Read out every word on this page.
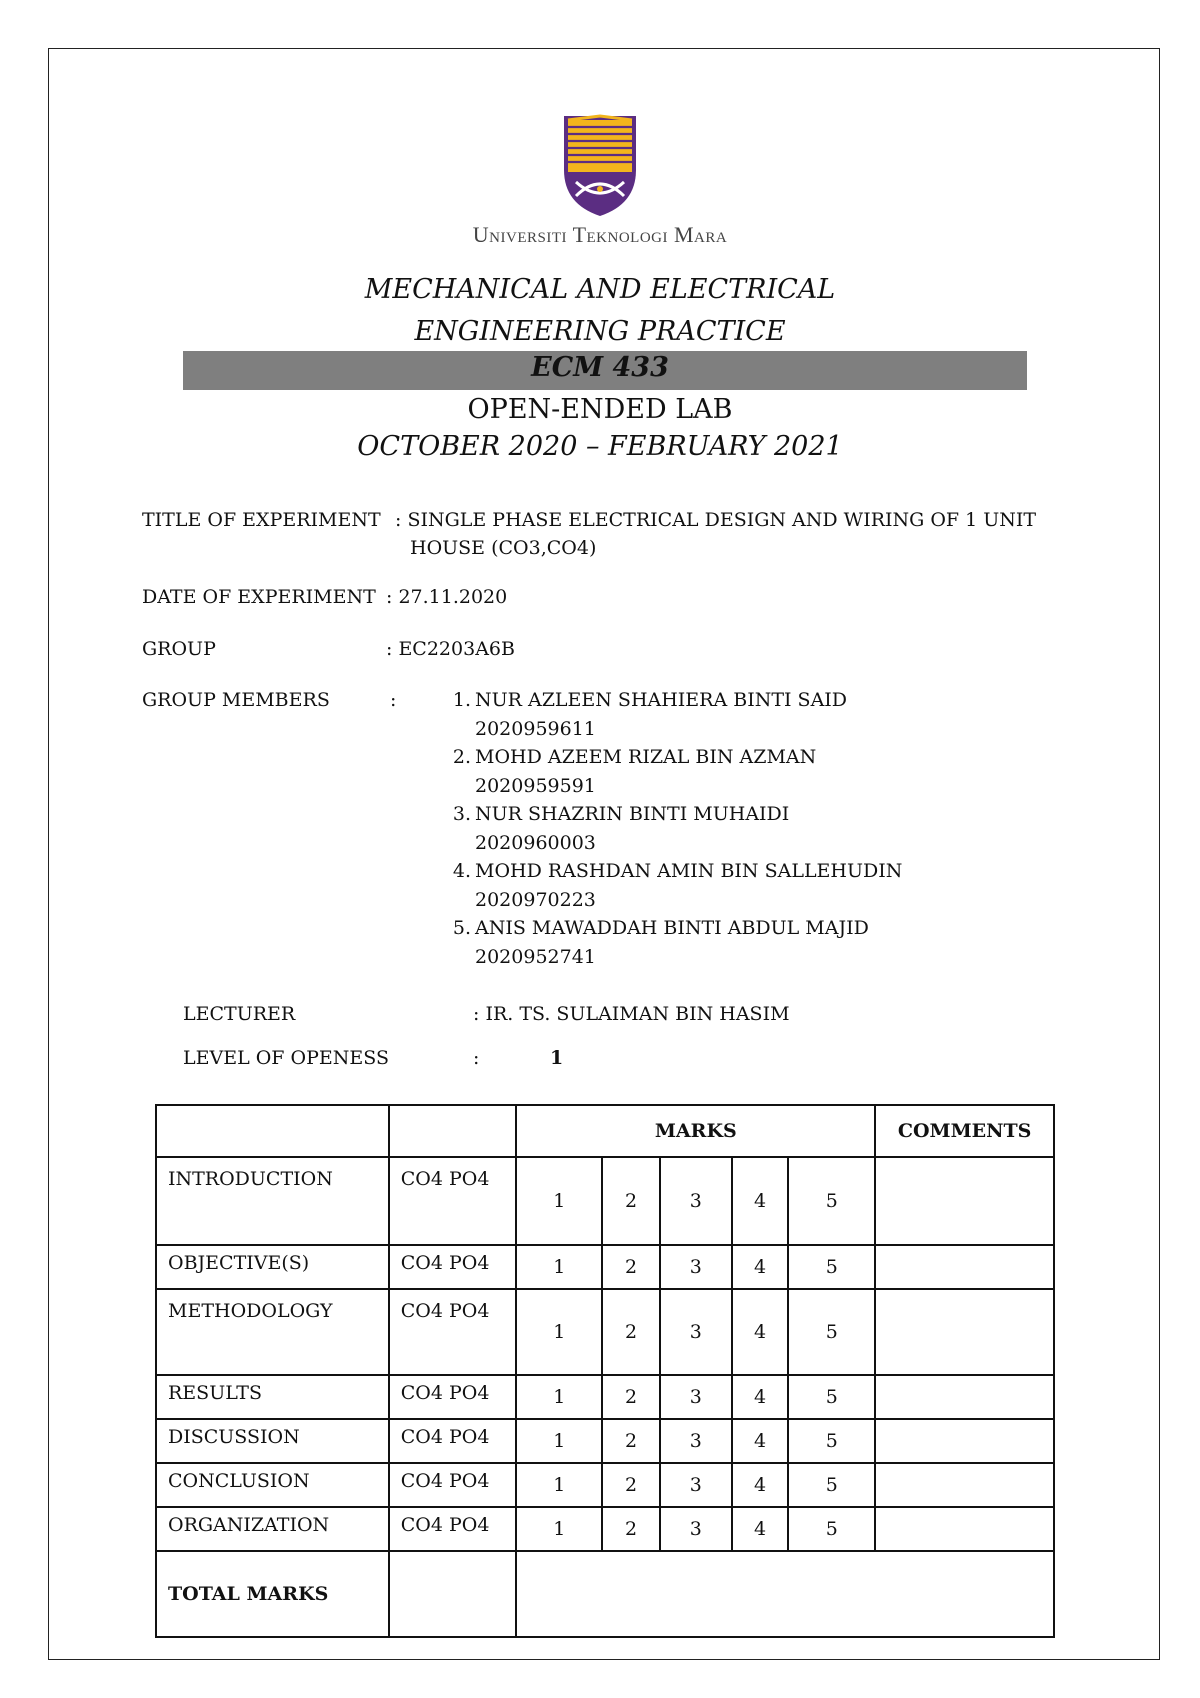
Universiti Teknologi Mara
MECHANICAL AND ELECTRICAL
ENGINEERING PRACTICE
ECM 433
OPEN-ENDED LAB
OCTOBER 2020 – FEBRUARY 2021
TITLE OF EXPERIMENT : SINGLE PHASE ELECTRICAL DESIGN AND WIRING OF 1 UNIT
HOUSE (CO3,CO4)
DATE OF EXPERIMENT : 27.11.2020
GROUP	: EC2203A6B
GROUP MEMBERS	:	1. NUR AZLEEN SHAHIERA BINTI SAID
2020959611
2. MOHD AZEEM RIZAL BIN AZMAN
2020959591
3. NUR SHAZRIN BINTI MUHAIDI
2020960003
4. MOHD RASHDAN AMIN BIN SALLEHUDIN
2020970223
5. ANIS MAWADDAH BINTI ABDUL MAJID
2020952741
LECTURER	: IR. TS. SULAIMAN BIN HASIM
LEVEL OF OPENESS	:	1
		MARKS					COMMENTS
INTRODUCTION	CO4 PO4	1	2	3	4	5	
OBJECTIVE(S)	CO4 PO4	1	2	3	4	5	
METHODOLOGY	CO4 PO4	1	2	3	4	5	
RESULTS	CO4 PO4	1	2	3	4	5	
DISCUSSION	CO4 PO4	1	2	3	4	5	
CONCLUSION	CO4 PO4	1	2	3	4	5	
ORGANIZATION	CO4 PO4	1	2	3	4	5	
TOTAL MARKS							
